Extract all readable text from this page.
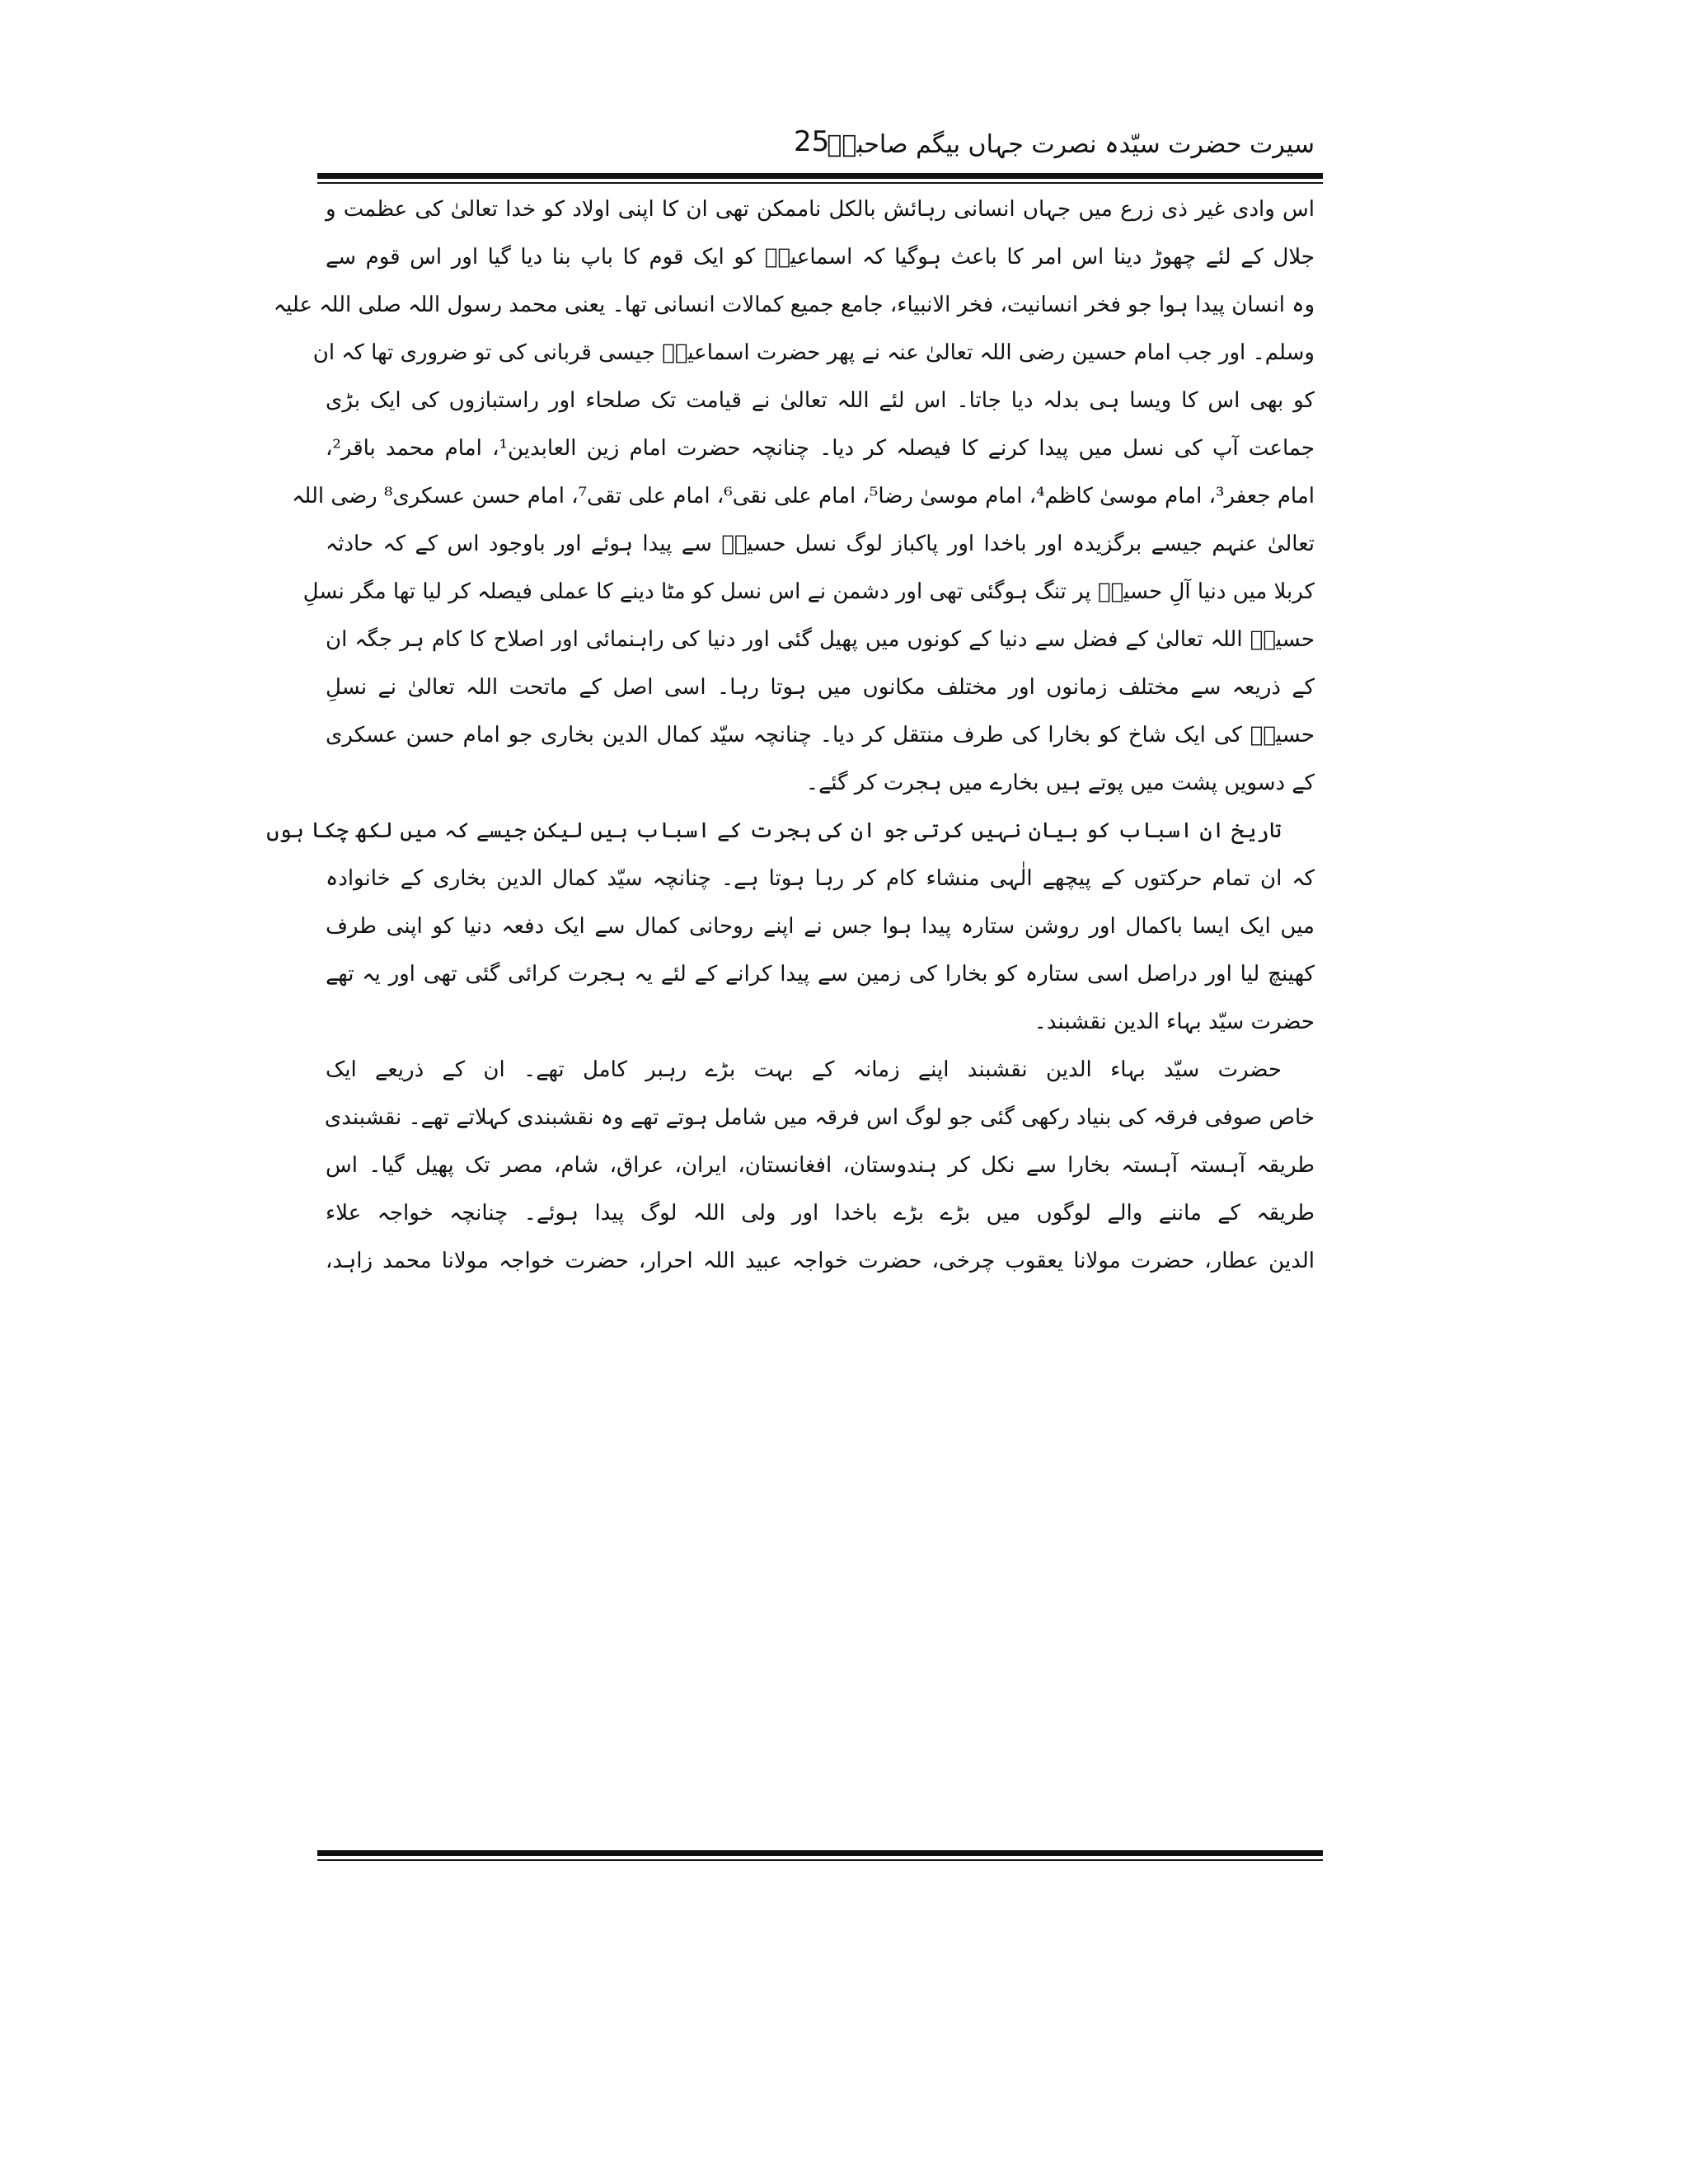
سیرت حضرت سیّدہ نصرت جہاں بیگم صاحبہؓ
25
اس وادی غیر ذی زرع میں جہاں انسانی رہائش بالکل ناممکن تھی ان کا اپنی اولاد کو خدا تعالیٰ کی عظمت و
جلال کے لئے چھوڑ دینا اس امر کا باعث ہوگیا کہ اسماعیلؑ کو ایک قوم کا باپ بنا دیا گیا اور اس قوم سے
وہ انسان پیدا ہوا جو فخر انسانیت، فخر الانبیاء، جامع جمیع کمالات انسانی تھا۔ یعنی محمد رسول اللہ صلی اللہ علیہ
وسلم۔ اور جب امام حسین رضی اللہ تعالیٰ عنہ نے پھر حضرت اسماعیلؑ جیسی قربانی کی تو ضروری تھا کہ ان
کو بھی اس کا ویسا ہی بدلہ دیا جاتا۔ اس لئے اللہ تعالیٰ نے قیامت تک صلحاء اور راستبازوں کی ایک بڑی
جماعت آپ کی نسل میں پیدا کرنے کا فیصلہ کر دیا۔ چنانچہ حضرت امام زین العابدین¹، امام محمد باقر²،
امام جعفر³، امام موسیٰ کاظم⁴، امام موسیٰ رضا⁵، امام علی نقی⁶، امام علی تقی⁷، امام حسن عسکری⁸ رضی اللہ
تعالیٰ عنہم جیسے برگزیدہ اور باخدا اور پاکباز لوگ نسل حسینؓ سے پیدا ہوئے اور باوجود اس کے کہ حادثہ
کربلا میں دنیا آلِ حسینؓ پر تنگ ہوگئی تھی اور دشمن نے اس نسل کو مٹا دینے کا عملی فیصلہ کر لیا تھا مگر نسلِ
حسینؓ اللہ تعالیٰ کے فضل سے دنیا کے کونوں میں پھیل گئی اور دنیا کی راہنمائی اور اصلاح کا کام ہر جگہ ان
کے ذریعہ سے مختلف زمانوں اور مختلف مکانوں میں ہوتا رہا۔ اسی اصل کے ماتحت اللہ تعالیٰ نے نسلِ
حسینؓ کی ایک شاخ کو بخارا کی طرف منتقل کر دیا۔ چنانچہ سیّد کمال الدین بخاری جو امام حسن عسکری
کے دسویں پشت میں پوتے ہیں بخارے میں ہجرت کر گئے۔
تاریخ ان اسباب کو بیان نہیں کرتی جو ان کی ہجرت کے اسباب ہیں لیکن جیسے کہ میں لکھ چکا ہوں
کہ ان تمام حرکتوں کے پیچھے الٰہی منشاء کام کر رہا ہوتا ہے۔ چنانچہ سیّد کمال الدین بخاری کے خانوادہ
میں ایک ایسا باکمال اور روشن ستارہ پیدا ہوا جس نے اپنے روحانی کمال سے ایک دفعہ دنیا کو اپنی طرف
کھینچ لیا اور دراصل اسی ستارہ کو بخارا کی زمین سے پیدا کرانے کے لئے یہ ہجرت کرائی گئی تھی اور یہ تھے
حضرت سیّد بہاء الدین نقشبند۔
حضرت سیّد بہاء الدین نقشبند اپنے زمانہ کے بہت بڑے رہبر کامل تھے۔ ان کے ذریعے ایک
خاص صوفی فرقہ کی بنیاد رکھی گئی جو لوگ اس فرقہ میں شامل ہوتے تھے وہ نقشبندی کہلاتے تھے۔ نقشبندی
طریقہ آہستہ آہستہ بخارا سے نکل کر ہندوستان، افغانستان، ایران، عراق، شام، مصر تک پھیل گیا۔ اس
طریقہ کے ماننے والے لوگوں میں بڑے بڑے باخدا اور ولی اللہ لوگ پیدا ہوئے۔ چنانچہ خواجہ علاء
الدین عطار، حضرت مولانا یعقوب چرخی، حضرت خواجہ عبید اللہ احرار، حضرت خواجہ مولانا محمد زاہد،
